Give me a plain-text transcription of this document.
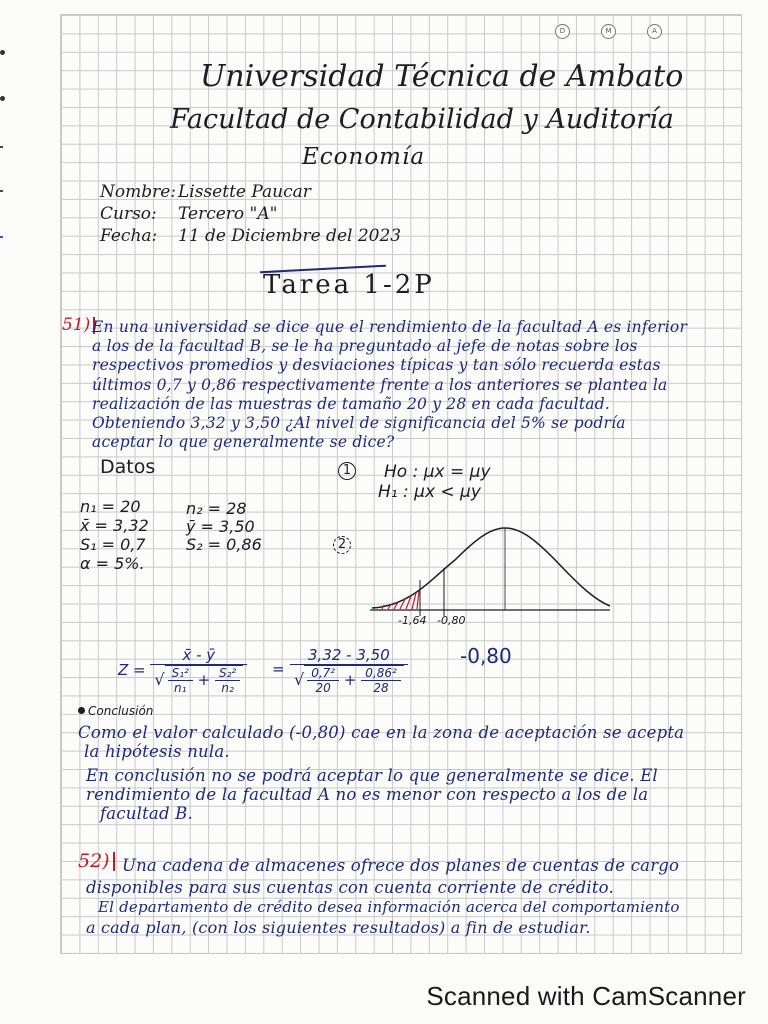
D	M	A
Universidad Técnica de Ambato
Facultad de Contabilidad y Auditoría
Economía
Nombre: Lissette Paucar
Curso: Tercero "A"
Fecha: 11 de Diciembre del 2023
Tarea 1-2P
51) En una universidad se dice que el rendimiento de la facultad A es inferior
a los de la facultad B, se le ha preguntado al jefe de notas sobre los
respectivos promedios y desviaciones típicas y tan sólo recuerda estas
últimos 0,7 y 0,86 respectivamente frente a los anteriores se plantea la
realización de las muestras de tamaño 20 y 28 en cada facultad.
Obteniendo 3,32 y 3,50 ¿Al nivel de significancia del 5% se podría
aceptar lo que generalmente se dice?
Datos
n₁ = 20
x̄ = 3,32
S₁ = 0,7
α = 5%.
n₂ = 28
ȳ = 3,50
S₂ = 0,86
1 Ho : μx = μy
H₁ : μx < μy
2
-1,64 -0,80
$Z = \frac{x̄ - ȳ}{√ \frac{\text{S₁²}}{\text{n₁}} + \frac{\text{S₂²}}{\text{n₂}}} = \frac{3,32 - 3,50}{√ \frac{\text{0,7²}}{20} + \frac{\text{0,86²}}{28}}$	-0,80
Conclusión
Como el valor calculado (-0,80) cae en la zona de aceptación se acepta
la hipótesis nula.
En conclusión no se podrá aceptar lo que generalmente se dice. El
rendimiento de la facultad A no es menor con respecto a los de la
facultad B.
52) Una cadena de almacenes ofrece dos planes de cuentas de cargo
disponibles para sus cuentas con cuenta corriente de crédito.
El departamento de crédito desea información acerca del comportamiento
a cada plan, (con los siguientes resultados) a fin de estudiar.
Scanned with CamScanner
